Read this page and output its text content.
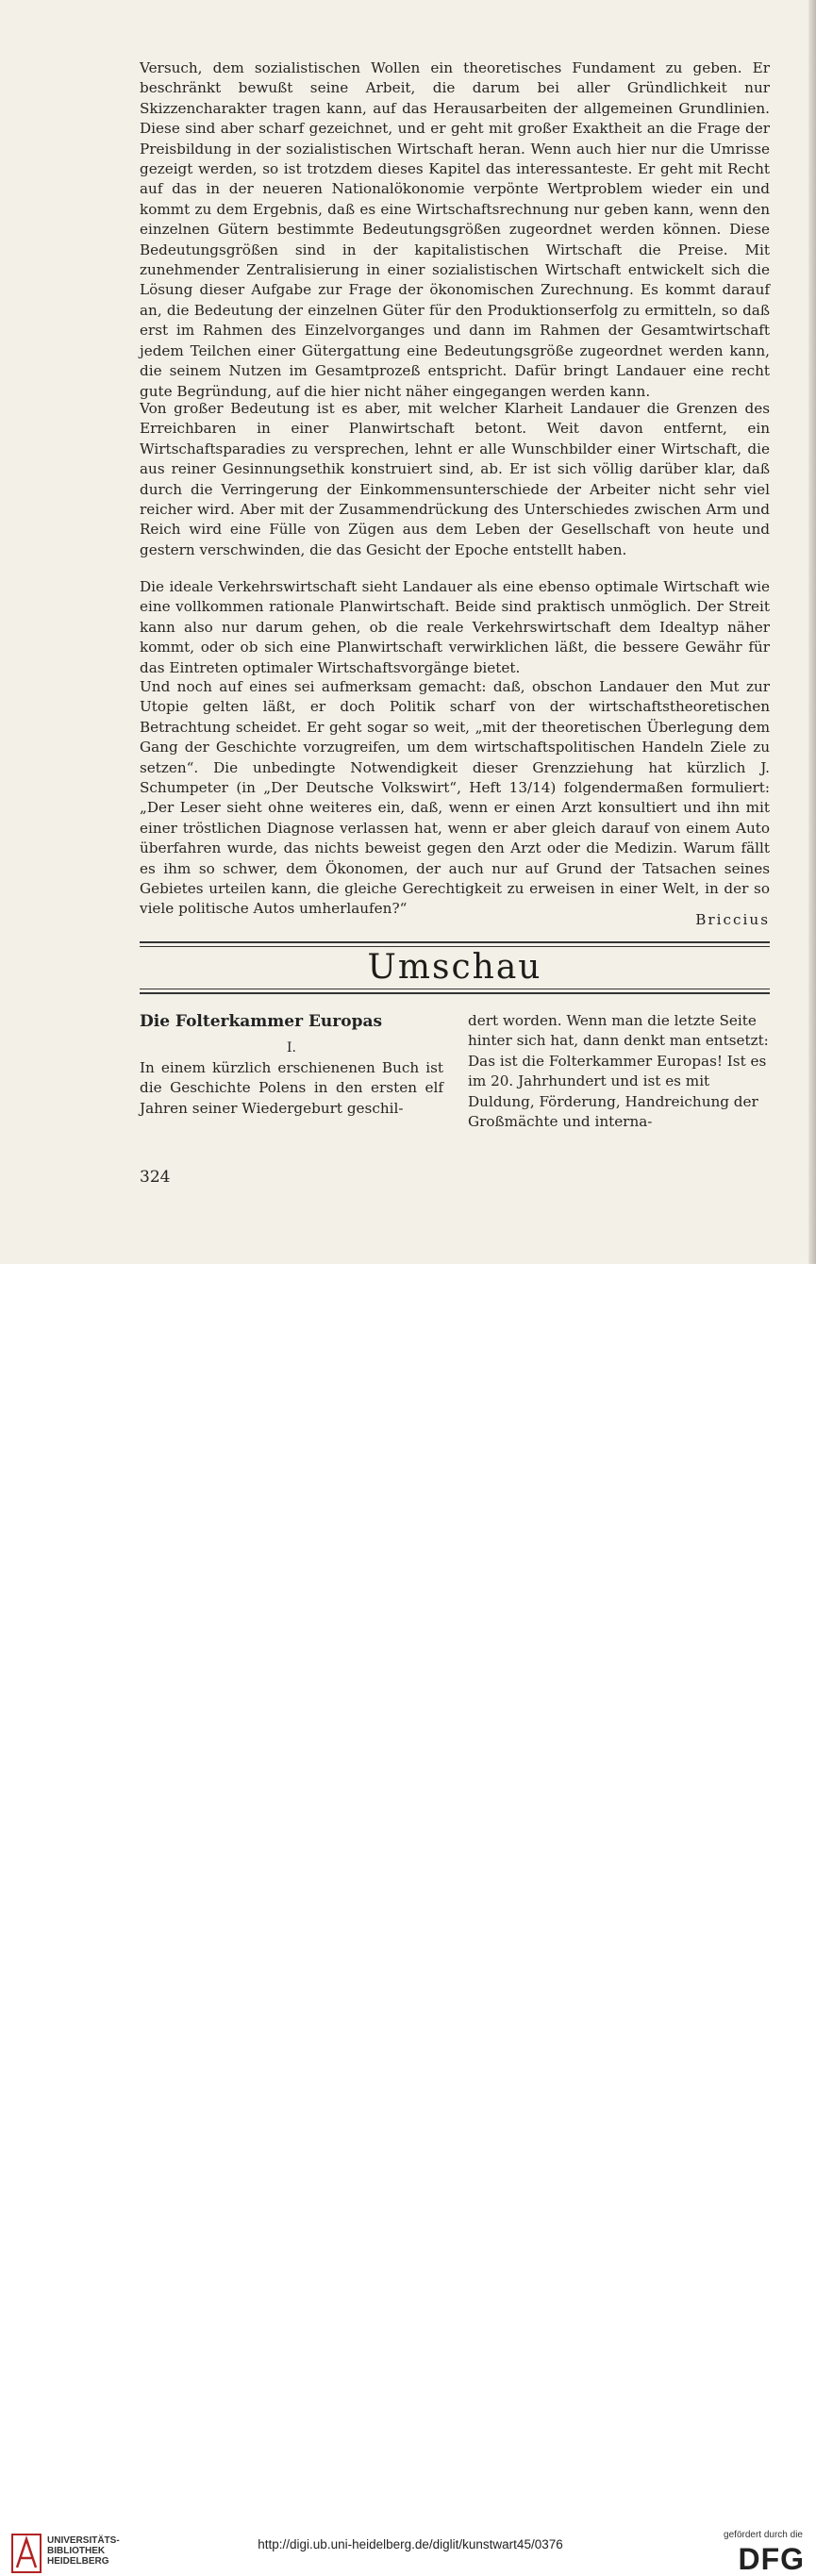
Versuch, dem sozialistischen Wollen ein theoretisches Fundament zu geben. Er beschränkt bewußt seine Arbeit, die darum bei aller Gründlichkeit nur Skizzencharakter tragen kann, auf das Herausarbeiten der allgemeinen Grundlinien. Diese sind aber scharf gezeichnet, und er geht mit großer Exaktheit an die Frage der Preisbildung in der sozialistischen Wirtschaft heran. Wenn auch hier nur die Umrisse gezeigt werden, so ist trotzdem dieses Kapitel das interessanteste. Er geht mit Recht auf das in der neueren Nationalökonomie verpönte Wertproblem wieder ein und kommt zu dem Ergebnis, daß es eine Wirtschaftsrechnung nur geben kann, wenn den einzelnen Gütern bestimmte Bedeutungsgrößen zugeordnet werden können. Diese Bedeutungsgrößen sind in der kapitalistischen Wirtschaft die Preise. Mit zunehmender Zentralisierung in einer sozialistischen Wirtschaft entwickelt sich die Lösung dieser Aufgabe zur Frage der ökonomischen Zurechnung. Es kommt darauf an, die Bedeutung der einzelnen Güter für den Produktionserfolg zu ermitteln, so daß erst im Rahmen des Einzelvorganges und dann im Rahmen der Gesamtwirtschaft jedem Teilchen einer Gütergattung eine Bedeutungsgröße zugeordnet werden kann, die seinem Nutzen im Gesamtprozeß entspricht. Dafür bringt Landauer eine recht gute Begründung, auf die hier nicht näher eingegangen werden kann.

Von großer Bedeutung ist es aber, mit welcher Klarheit Landauer die Grenzen des Erreichbaren in einer Planwirtschaft betont. Weit davon entfernt, ein Wirtschaftsparadies zu versprechen, lehnt er alle Wunschbilder einer Wirtschaft, die aus reiner Gesinnungsethik konstruiert sind, ab. Er ist sich völlig darüber klar, daß durch die Verringerung der Einkommensunterschiede der Arbeiter nicht sehr viel reicher wird. Aber mit der Zusammendrückung des Unterschiedes zwischen Arm und Reich wird eine Fülle von Zügen aus dem Leben der Gesellschaft von heute und gestern verschwinden, die das Gesicht der Epoche entstellt haben.

Die ideale Verkehrswirtschaft sieht Landauer als eine ebenso optimale Wirtschaft wie eine vollkommen rationale Planwirtschaft. Beide sind praktisch unmöglich. Der Streit kann also nur darum gehen, ob die reale Verkehrswirtschaft dem Idealtyp näher kommt, oder ob sich eine Planwirtschaft verwirklichen läßt, die bessere Gewähr für das Eintreten optimaler Wirtschaftsvorgänge bietet.

Und noch auf eines sei aufmerksam gemacht: daß, obschon Landauer den Mut zur Utopie gelten läßt, er doch Politik scharf von der wirtschaftstheoretischen Betrachtung scheidet. Er geht sogar so weit, „mit der theoretischen Überlegung dem Gang der Geschichte vorzugreifen, um dem wirtschaftspolitischen Handeln Ziele zu setzen“. Die unbedingte Notwendigkeit dieser Grenzziehung hat kürzlich J. Schumpeter (in „Der Deutsche Volkswirt“, Heft 13/14) folgendermaßen formuliert: „Der Leser sieht ohne weiteres ein, daß, wenn er einen Arzt konsultiert und ihn mit einer tröstlichen Diagnose verlassen hat, wenn er aber gleich darauf von einem Auto überfahren wurde, das nichts beweist gegen den Arzt oder die Medizin. Warum fällt es ihm so schwer, dem Ökonomen, der auch nur auf Grund der Tatsachen seines Gebietes urteilen kann, die gleiche Gerechtigkeit zu erweisen in einer Welt, in der so viele politische Autos umherlaufen?“

Briccius
Umschau
Die Folterkammer Europas

I.

In einem kürzlich erschienenen Buch ist die Geschichte Polens in den ersten elf Jahren seiner Wiedergeburt geschil-

dert worden. Wenn man die letzte Seite hinter sich hat, dann denkt man entsetzt: Das ist die Folterkammer Europas! Ist es im 20. Jahrhundert und ist es mit Duldung, Förderung, Handreichung der Großmächte und interna-

324
UNIVERSITÄTS-
BIBLIOTHEK
HEIDELBERG
http://digi.ub.uni-heidelberg.de/diglit/kunstwart45/0376
gefördert durch die
DFG
